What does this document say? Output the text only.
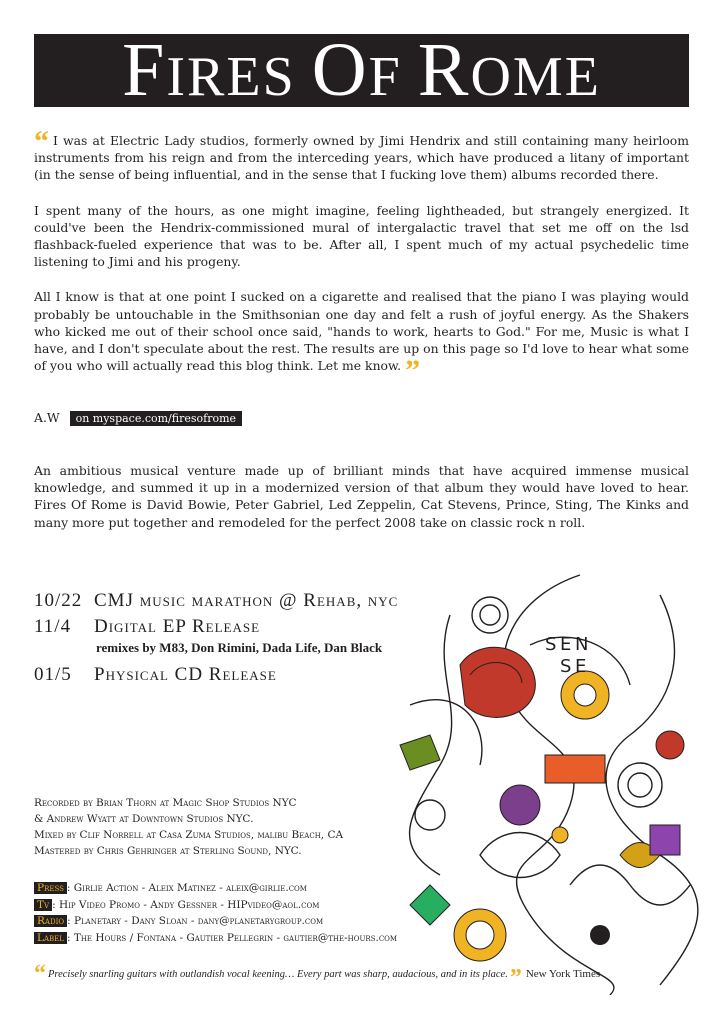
FIRES OF ROME

“ I was at Electric Lady studios, formerly owned by Jimi Hendrix and still containing many heirloom instruments from his reign and from the interceding years, which have produced a litany of important (in the sense of being influential, and in the sense that I fucking love them) albums recorded there.

I spent many of the hours, as one might imagine, feeling lightheaded, but strangely energized. It could've been the Hendrix-commissioned mural of intergalactic travel that set me off on the lsd flashback-fueled experience that was to be. After all, I spent much of my actual psychedelic time listening to Jimi and his progeny.

All I know is that at one point I sucked on a cigarette and realised that the piano I was playing would probably be untouchable in the Smithsonian one day and felt a rush of joyful energy. As the Shakers who kicked me out of their school once said, "hands to work, hearts to God." For me, Music is what I have, and I don't speculate about the rest. The results are up on this page so I'd love to hear what some of you who will actually read this blog think. Let me know. ”

A.W on myspace.com/firesofrome

An ambitious musical venture made up of brilliant minds that have acquired immense musical knowledge, and summed it up in a modernized version of that album they would have loved to hear. Fires Of Rome is David Bowie, Peter Gabriel, Led Zeppelin, Cat Stevens, Prince, Sting, The Kinks and many more put together and remodeled for the perfect 2008 take on classic rock n roll.

S E N
S E
10/22 CMJ music marathon @ Rehab, nyc
11/4	Digital EP Release
remixes by M83, Don Rimini, Dada Life, Dan Black
01/5	Physical CD Release
Recorded by Brian Thorn at Magic Shop Studios NYC
& Andrew Wyatt at Downtown Studios NYC.
Mixed by Clif Norrell at Casa Zuma Studios, malibu Beach, CA
Mastered by Chris Gehringer at Sterling Sound, NYC.
Press : Girlie Action - Aleix Matinez - aleix@girlie.com
Tv : Hip Video Promo - Andy Gessner - HIPvideo@aol.com
Radio : Planetary - Dany Sloan - dany@planetarygroup.com
Label : The Hours / Fontana - Gautier Pellegrin - gautier@the-hours.com
“ Precisely snarling guitars with outlandish vocal keening… Every part was sharp, audacious, and in its place.” New York Times
